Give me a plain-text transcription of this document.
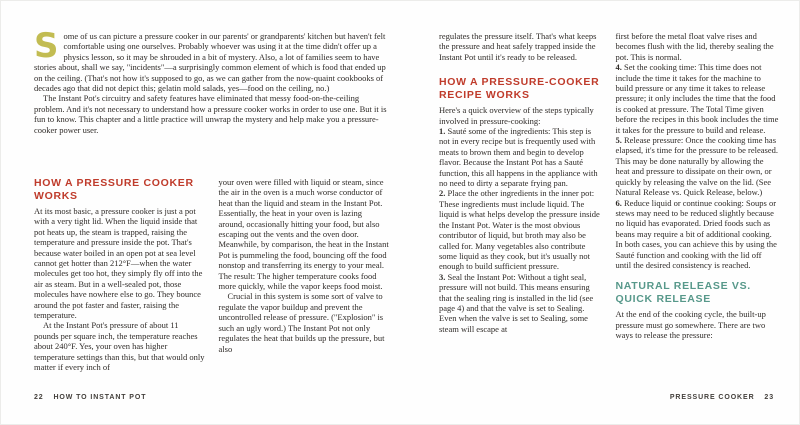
Some of us can picture a pressure cooker in our parents' or grandparents' kitchen but haven't felt comfortable using one ourselves. Probably whoever was using it at the time didn't offer up a physics lesson, so it may be shrouded in a bit of mystery. Also, a lot of families seem to have stories about, shall we say, "incidents"—a surprisingly common element of which is food that ended up on the ceiling. (That's not how it's supposed to go, as we can gather from the now-quaint cookbooks of decades ago that did not depict this; gelatin mold salads, yes—food on the ceiling, no.)

The Instant Pot's circuitry and safety features have eliminated that messy food-on-the-ceiling problem. And it's not necessary to understand how a pressure cooker works in order to use one. But it is fun to know. This chapter and a little practice will unwrap the mystery and help make you a pressure-cooker power user.

HOW A PRESSURE COOKER WORKS

At its most basic, a pressure cooker is just a pot with a very tight lid. When the liquid inside that pot heats up, the steam is trapped, raising the temperature and pressure inside the pot. That's because water boiled in an open pot at sea level cannot get hotter than 212°F—when the water molecules get too hot, they simply fly off into the air as steam. But in a well-sealed pot, those molecules have nowhere else to go. They bounce around the pot faster and faster, raising the temperature.

At the Instant Pot's pressure of about 11 pounds per square inch, the temperature reaches about 240°F. Yes, your oven has higher temperature settings than this, but that would only matter if every inch of

your oven were filled with liquid or steam, since the air in the oven is a much worse conductor of heat than the liquid and steam in the Instant Pot. Essentially, the heat in your oven is lazing around, occasionally hitting your food, but also escaping out the vents and the oven door. Meanwhile, by comparison, the heat in the Instant Pot is pummeling the food, bouncing off the food nonstop and transferring its energy to your meal. The result: The higher temperature cooks food more quickly, while the vapor keeps food moist.

Crucial in this system is some sort of valve to regulate the vapor buildup and prevent the uncontrolled release of pressure. ("Explosion" is such an ugly word.) The Instant Pot not only regulates the heat that builds up the pressure, but also

22 HOW TO INSTANT POT

regulates the pressure itself. That's what keeps the pressure and heat safely trapped inside the Instant Pot until it's ready to be released.

HOW A PRESSURE-COOKER RECIPE WORKS

Here's a quick overview of the steps typically involved in pressure-cooking:

1. Sauté some of the ingredients: This step is not in every recipe but is frequently used with meats to brown them and begin to develop flavor. Because the Instant Pot has a Sauté function, this all happens in the appliance with no need to dirty a separate frying pan.

2. Place the other ingredients in the inner pot: These ingredients must include liquid. The liquid is what helps develop the pressure inside the Instant Pot. Water is the most obvious contributor of liquid, but broth may also be called for. Many vegetables also contribute some liquid as they cook, but it's usually not enough to build sufficient pressure.

3. Seal the Instant Pot: Without a tight seal, pressure will not build. This means ensuring that the sealing ring is installed in the lid (see page 4) and that the valve is set to Sealing. Even when the valve is set to Sealing, some steam will escape at

first before the metal float valve rises and becomes flush with the lid, thereby sealing the pot. This is normal.

4. Set the cooking time: This time does not include the time it takes for the machine to build pressure or any time it takes to release pressure; it only includes the time that the food is cooked at pressure. The Total Time given before the recipes in this book includes the time it takes for the pressure to build and release.

5. Release pressure: Once the cooking time has elapsed, it's time for the pressure to be released. This may be done naturally by allowing the heat and pressure to dissipate on their own, or quickly by releasing the valve on the lid. (See Natural Release vs. Quick Release, below.)

6. Reduce liquid or continue cooking: Soups or stews may need to be reduced slightly because no liquid has evaporated. Dried foods such as beans may require a bit of additional cooking. In both cases, you can achieve this by using the Sauté function and cooking with the lid off until the desired consistency is reached.

NATURAL RELEASE VS. QUICK RELEASE

At the end of the cooking cycle, the built-up pressure must go somewhere. There are two ways to release the pressure:

PRESSURE COOKER 23
